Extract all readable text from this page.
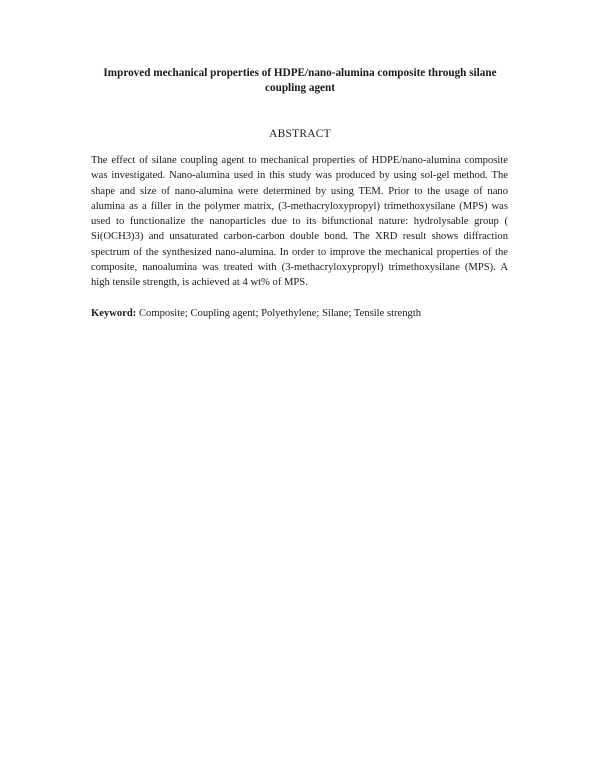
Improved mechanical properties of HDPE/nano-alumina composite through silane coupling agent
ABSTRACT
The effect of silane coupling agent to mechanical properties of HDPE/nano-alumina composite was investigated. Nano-alumina used in this study was produced by using sol-gel method. The shape and size of nano-alumina were determined by using TEM. Prior to the usage of nano alumina as a filler in the polymer matrix, (3-methacryloxypropyl) trimethoxysilane (MPS) was used to functionalize the nanoparticles due to its bifunctional nature: hydrolysable group ( Si(OCH3)3) and unsaturated carbon-carbon double bond. The XRD result shows diffraction spectrum of the synthesized nano-alumina. In order to improve the mechanical properties of the composite, nanoalumina was treated with (3-methacryloxypropyl) trimethoxysilane (MPS). A high tensile strength, is achieved at 4 wt% of MPS.
Keyword: Composite; Coupling agent; Polyethylene; Silane; Tensile strength
